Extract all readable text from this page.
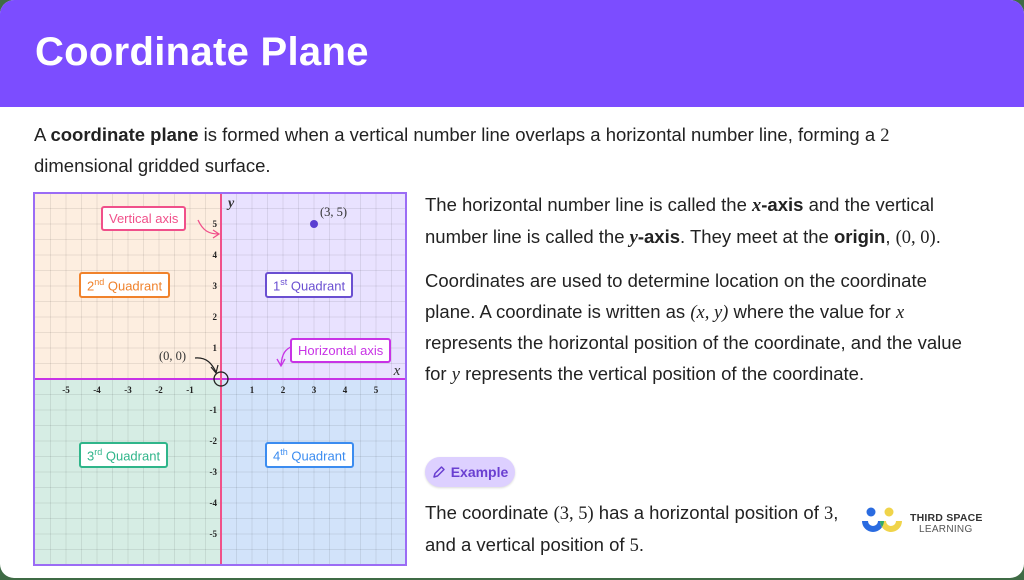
Coordinate Plane
A coordinate plane is formed when a vertical number line overlaps a horizontal number line, forming a 2
dimensional gridded surface.
-5	-4	-3	-2	-1	1	2	3	4	5
5
4
3
2
1
-1
-2
-3
-4
-5
x
y
(3, 5)
(0, 0)
Vertical axis
Horizontal axis
1st Quadrant
2nd Quadrant
3rd Quadrant	4th Quadrant

The horizontal number line is called the x-axis and the vertical number line is called the y-axis. They meet at the origin, (0, 0).

Coordinates are used to determine location on the coordinate plane. A coordinate is written as (x, y) where the value for x represents the horizontal position of the coordinate, and the value for y represents the vertical position of the coordinate.

Example
The coordinate (3, 5) has a horizontal position of 3, and a vertical position of 5.
THIRD SPACE
LEARNING
